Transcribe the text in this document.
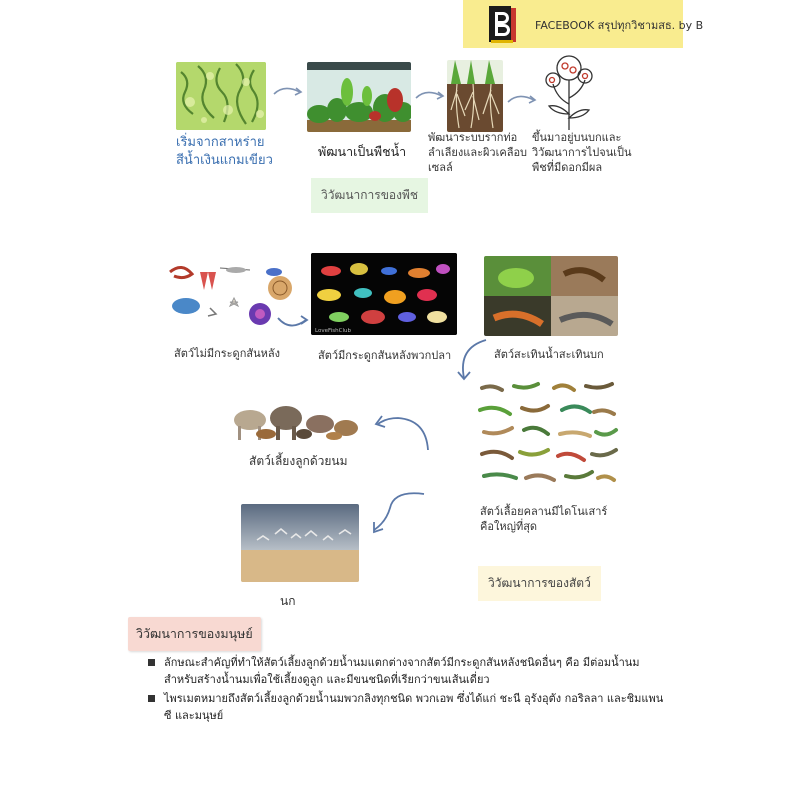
FACEBOOK สรุปทุกวิชามสธ. by B
เริ่มจากสาหร่าย
สีน้ำเงินแกมเขียว
พัฒนาเป็นพืชน้ำ
พัฒนาระบบรากท่อ
ลำเลียงและผิวเคลือบ
เซลล์
ขึ้นมาอยู่บนบกและ
วิวัฒนาการไปจนเป็น
พืชที่มีดอกมีผล
วิวัฒนาการของพืช
LoveFishClub
สัตว์ไม่มีกระดูกสันหลัง	สัตว์มีกระดูกสันหลังพวกปลา	สัตว์สะเทินน้ำสะเทินบก
สัตว์เลื้อยคลานมีไดโนเสาร์
คือใหญ่ที่สุด
สัตว์เลี้ยงลูกด้วยนม
นก
วิวัฒนาการของสัตว์
วิวัฒนาการของมนุษย์
ลักษณะสำคัญที่ทำให้สัตว์เลี้ยงลูกด้วยน้ำนมแตกต่างจากสัตว์มีกระดูกสันหลังชนิดอื่นๆ คือ มีต่อมน้ำนมสำหรับสร้างน้ำนมเพื่อใช้เลี้ยงดูลูก และมีขนชนิดที่เรียกว่าขนเส้นเดี่ยว
ไพรเมตหมายถึงสัตว์เลี้ยงลูกด้วยน้ำนมพวกลิงทุกชนิด พวกเอพ ซึ่งได้แก่ ชะนี อุรังอุตัง กอริลลา และชิมแพนซี และมนุษย์
